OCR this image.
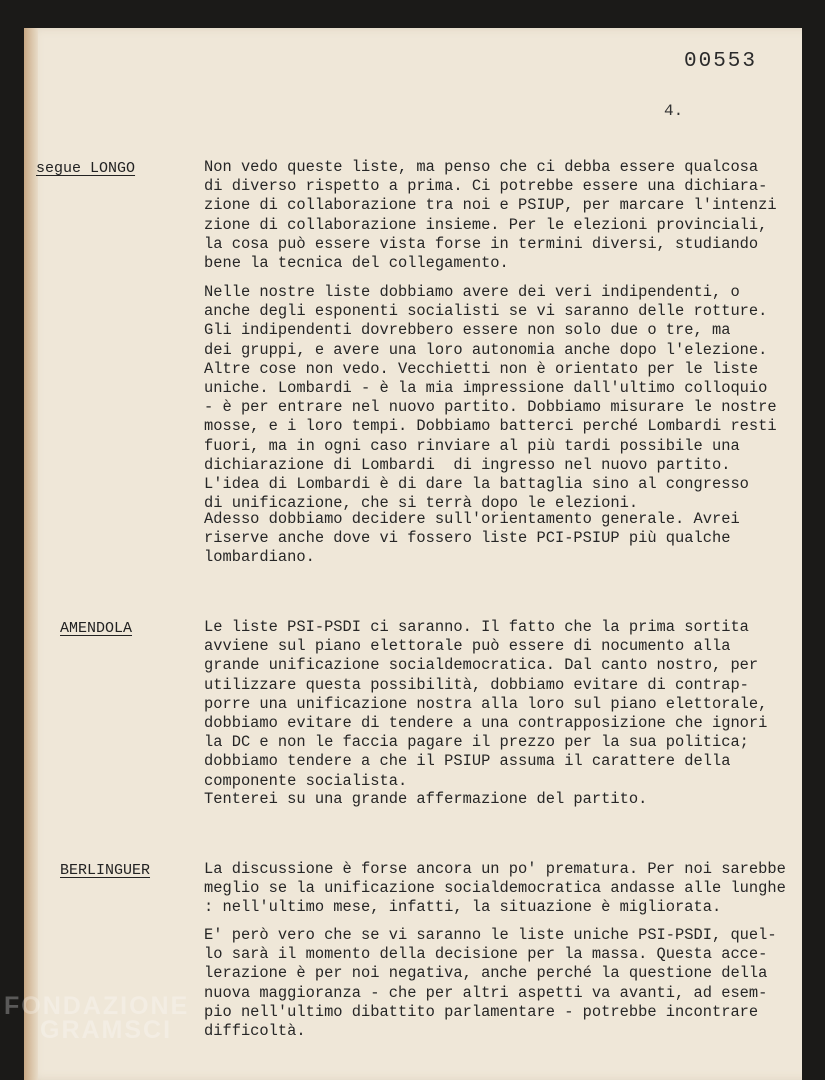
00553
4.
segue LONGO	Non vedo queste liste, ma penso che ci debba essere qualcosa
di diverso rispetto a prima. Ci potrebbe essere una dichiara-
zione di collaborazione tra noi e PSIUP, per marcare l'intenzi
zione di collaborazione insieme. Per le elezioni provinciali,
la cosa può essere vista forse in termini diversi, studiando
bene la tecnica del collegamento.

Nelle nostre liste dobbiamo avere dei veri indipendenti, o
anche degli esponenti socialisti se vi saranno delle rotture.
Gli indipendenti dovrebbero essere non solo due o tre, ma
dei gruppi, e avere una loro autonomia anche dopo l'elezione.
Altre cose non vedo. Vecchietti non è orientato per le liste
uniche. Lombardi - è la mia impressione dall'ultimo colloquio
- è per entrare nel nuovo partito. Dobbiamo misurare le nostre
mosse, e i loro tempi. Dobbiamo batterci perché Lombardi resti
fuori, ma in ogni caso rinviare al più tardi possibile una
dichiarazione di Lombardi  di ingresso nel nuovo partito.
L'idea di Lombardi è di dare la battaglia sino al congresso
di unificazione, che si terrà dopo le elezioni.

Adesso dobbiamo decidere sull'orientamento generale. Avrei
riserve anche dove vi fossero liste PCI-PSIUP più qualche
lombardiano.

AMENDOLA	Le liste PSI-PSDI ci saranno. Il fatto che la prima sortita
avviene sul piano elettorale può essere di nocumento alla
grande unificazione socialdemocratica. Dal canto nostro, per
utilizzare questa possibilità, dobbiamo evitare di contrap-
porre una unificazione nostra alla loro sul piano elettorale,
dobbiamo evitare di tendere a una contrapposizione che ignori
la DC e non le faccia pagare il prezzo per la sua politica;
dobbiamo tendere a che il PSIUP assuma il carattere della
componente socialista.

Tenterei su una grande affermazione del partito.

BERLINGUER	La discussione è forse ancora un po' prematura. Per noi sarebbe
meglio se la unificazione socialdemocratica andasse alle lunghe
: nell'ultimo mese, infatti, la situazione è migliorata.

E' però vero che se vi saranno le liste uniche PSI-PSDI, quel-
lo sarà il momento della decisione per la massa. Questa acce-
lerazione è per noi negativa, anche perché la questione della
nuova maggioranza - che per altri aspetti va avanti, ad esem-
pio nell'ultimo dibattito parlamentare - potrebbe incontrare
difficoltà.

FONDAZIONE
GRAMSCI
